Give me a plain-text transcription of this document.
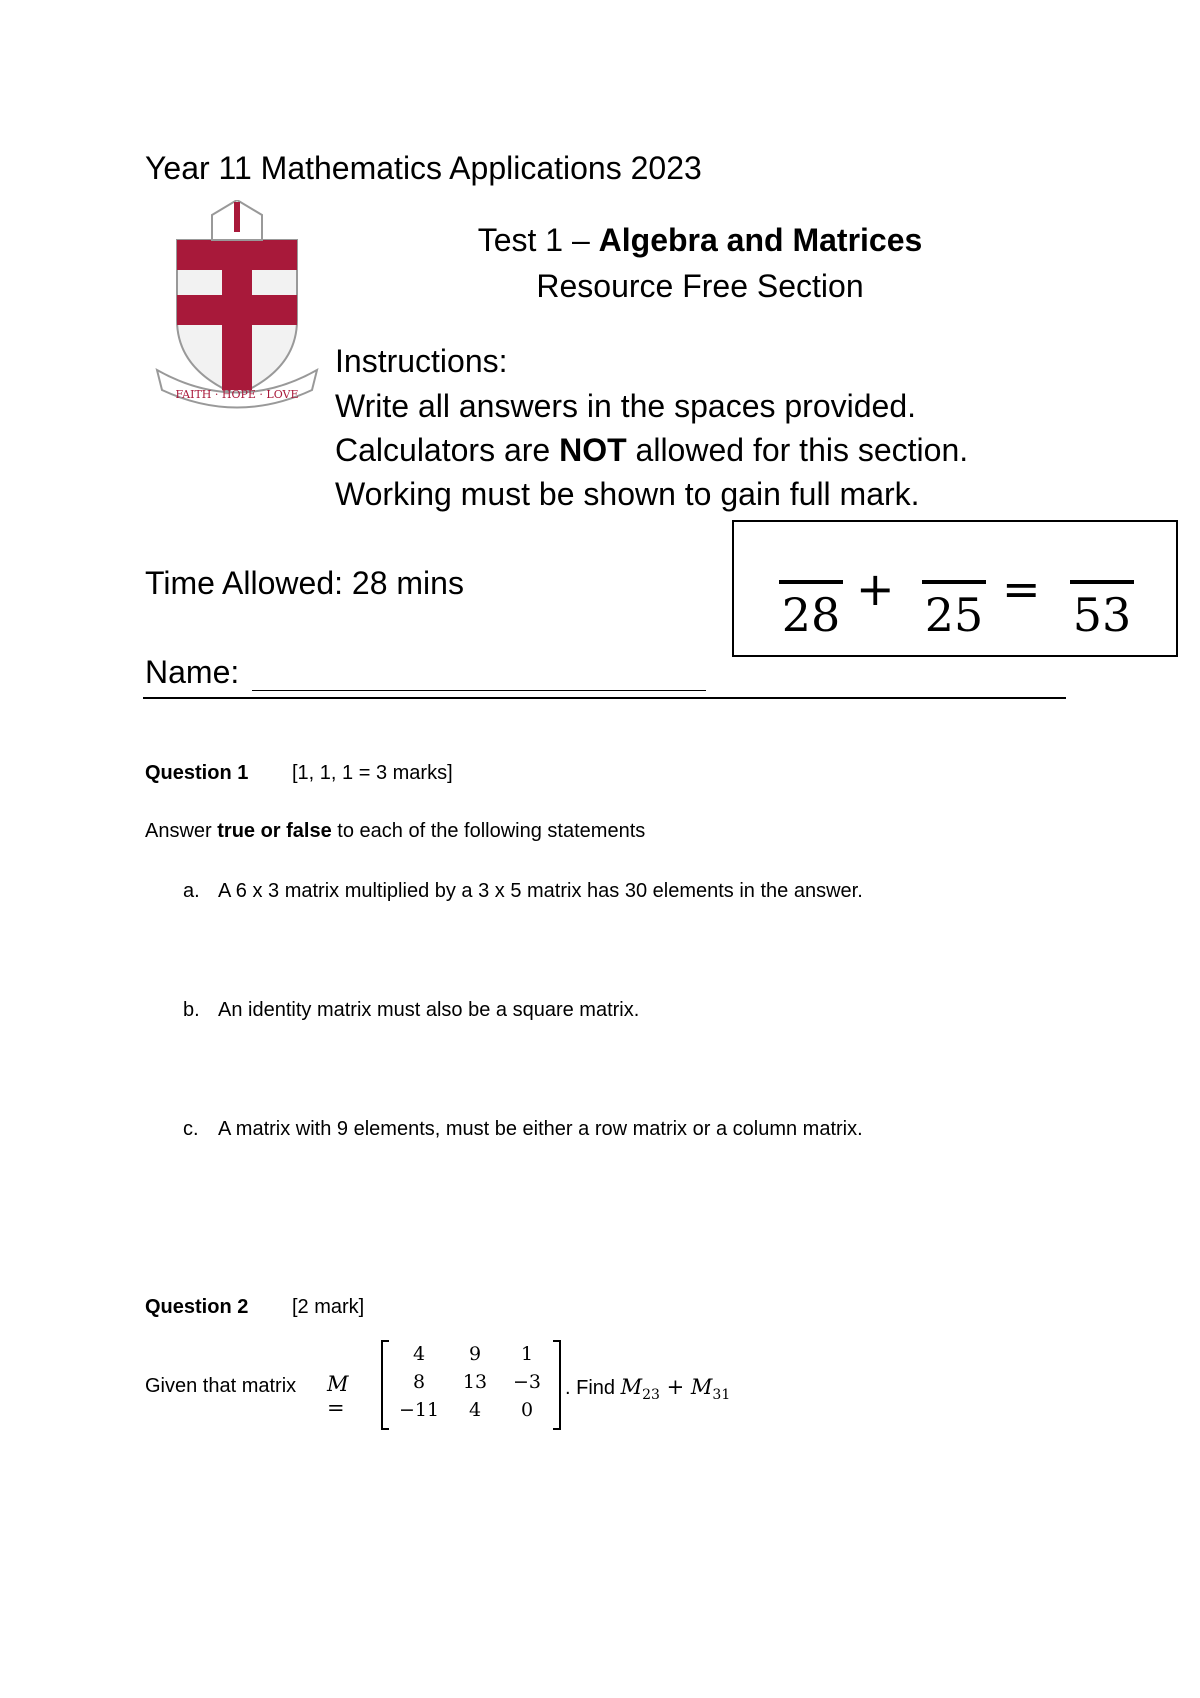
Year 11 Mathematics Applications 2023
FAITH · HOPE · LOVE
Test 1 – Algebra and Matrices
Resource Free Section
Instructions:
Write all answers in the spaces provided.
Calculators are NOT allowed for this section.
Working must be shown to gain full mark.
Time Allowed: 28 mins
28 + 25 = 53
Name:
Question 1 [1, 1, 1 = 3 marks]
Answer true or false to each of the following statements
a. A 6 x 3 matrix multiplied by a 3 x 5 matrix has 30 elements in the answer.
b. An identity matrix must also be a square matrix.
c. A matrix with 9 elements, must be either a row matrix or a column matrix.
Question 2 [2 mark]
Given that matrix M =
4	9	1
8	13	−3
−11	4	0
. Find $M_{23} + M_{31}$
